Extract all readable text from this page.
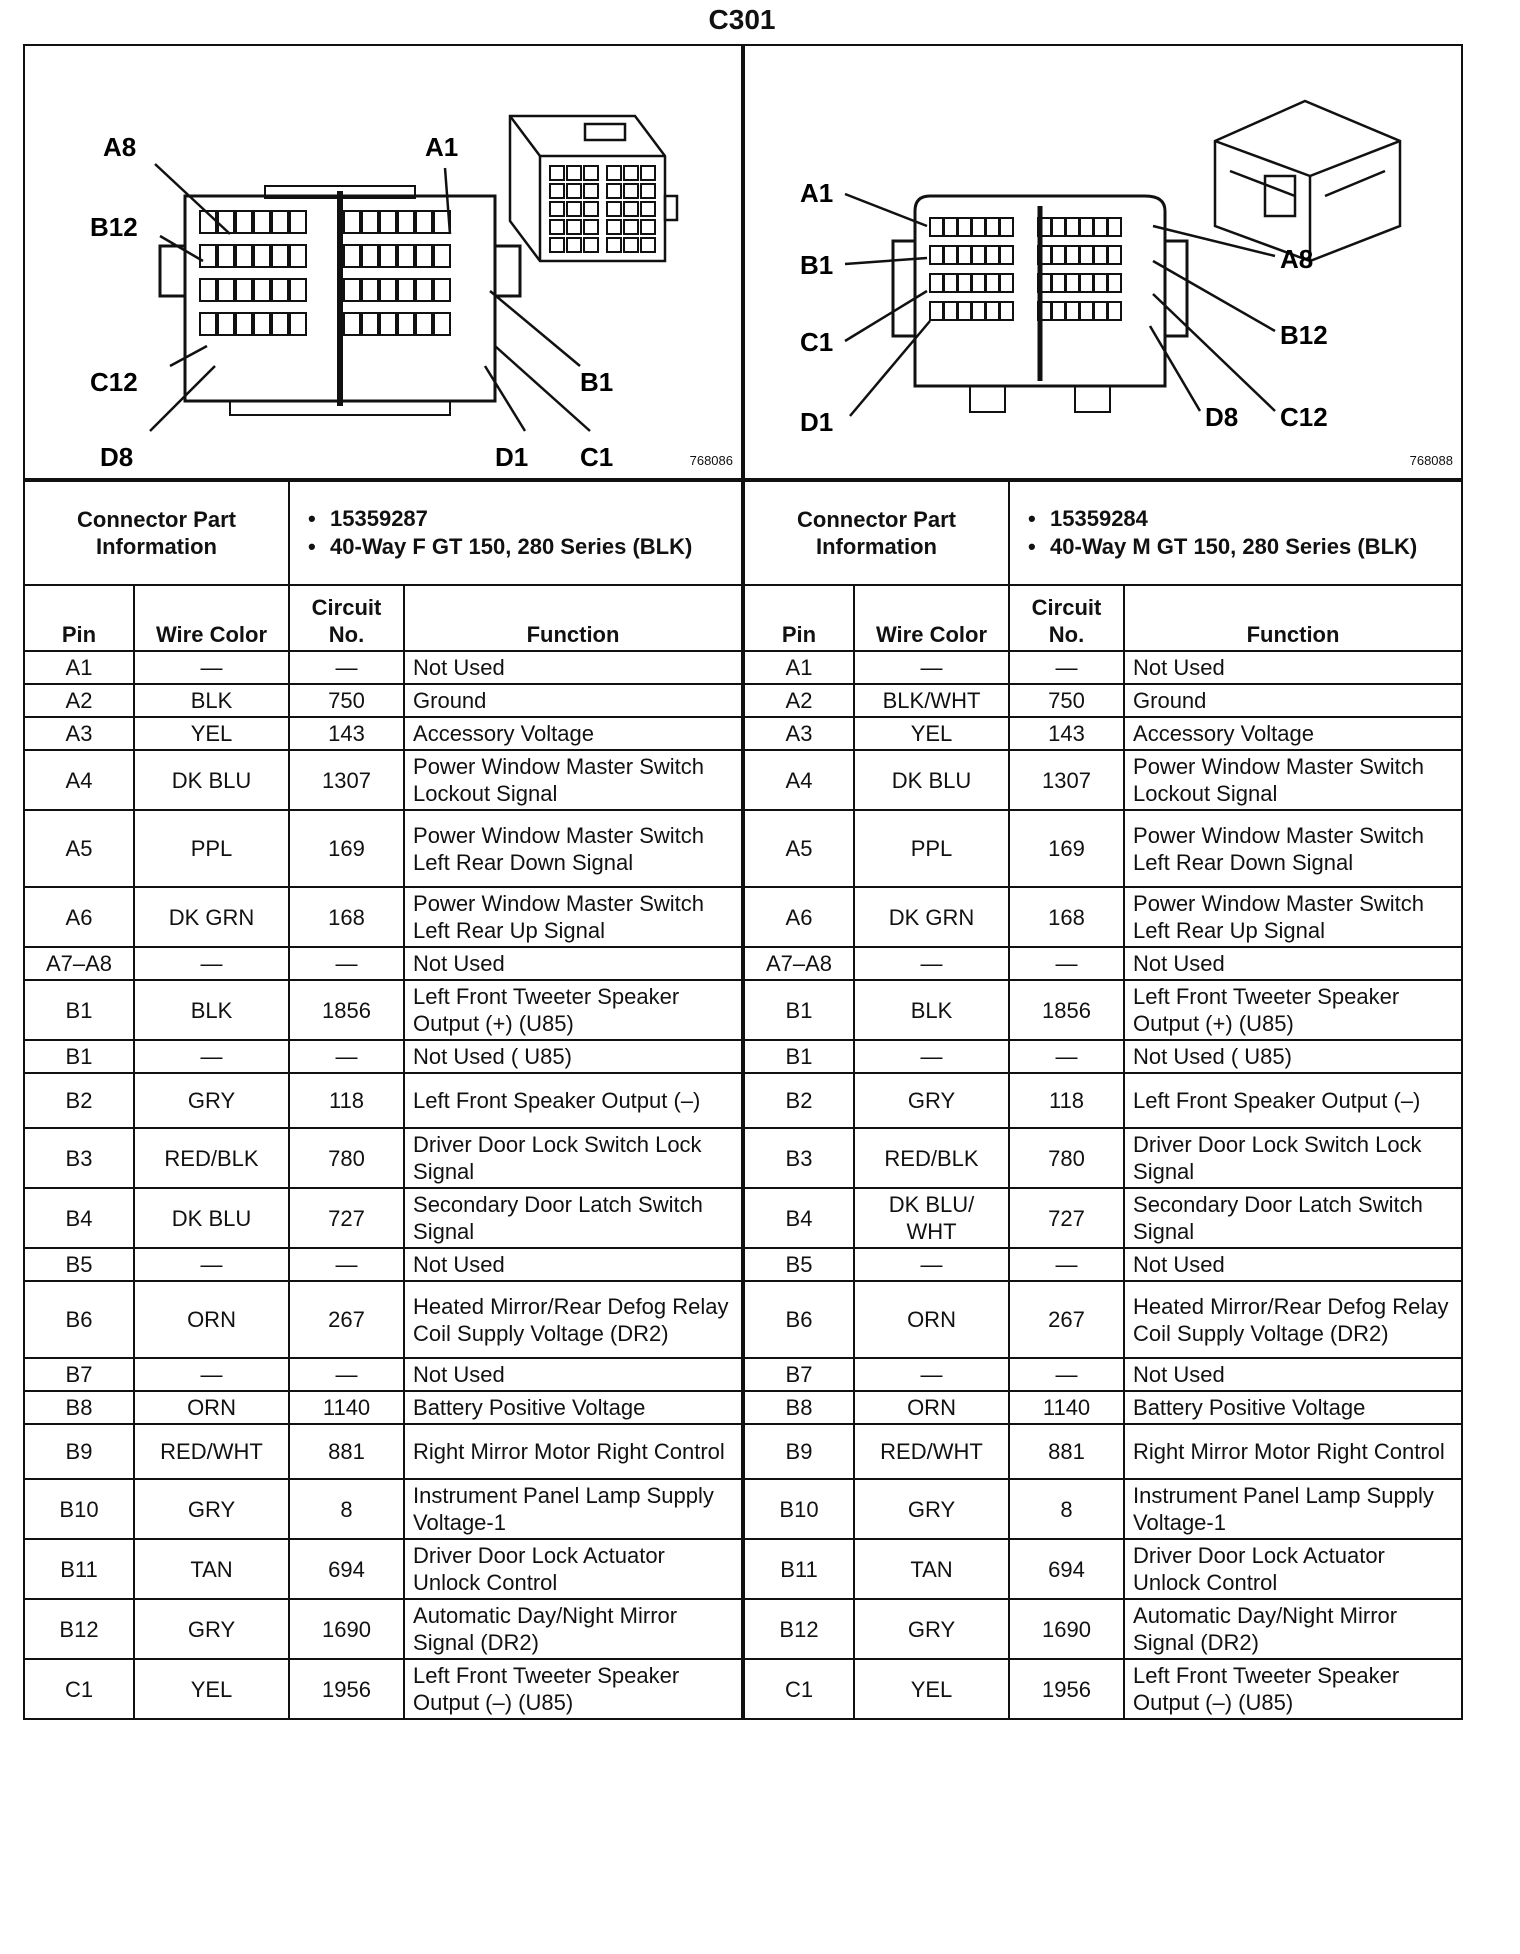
C301
A8	A1
B12
B1
C12
C1
D8	D1	768086
Connector Part Information		• 15359287
• 40-Way F GT 150, 280 Series (BLK)

Pin	Wire Color	Circuit No.	Function
A1	—	—	Not Used
A2	BLK	750	Ground
A3	YEL	143	Accessory Voltage
A4	DK BLU	1307	Power Window Master Switch Lockout Signal
A5	PPL	169	Power Window Master Switch Left Rear Down Signal
A6	DK GRN	168	Power Window Master Switch Left Rear Up Signal
A7–A8	—	—	Not Used
B1	BLK	1856	Left Front Tweeter Speaker Output (+) (U85)
B1	—	—	Not Used ( U85)
B2	GRY	118	Left Front Speaker Output (–)
B3	RED/BLK	780	Driver Door Lock Switch Lock Signal
B4	DK BLU	727	Secondary Door Latch Switch Signal
B5	—	—	Not Used
B6	ORN	267	Heated Mirror/Rear Defog Relay Coil Supply Voltage (DR2)
B7	—	—	Not Used
B8	ORN	1140	Battery Positive Voltage
B9	RED/WHT	881	Right Mirror Motor Right Control
B10	GRY	8	Instrument Panel Lamp Supply Voltage-1
B11	TAN	694	Driver Door Lock Actuator Unlock Control
B12	GRY	1690	Automatic Day/Night Mirror Signal (DR2)
C1	YEL	1956	Left Front Tweeter Speaker Output (–) (U85)
A1
A8
B1
B12
C1
C12
D1	D8
768088
Connector Part Information		• 15359284
• 40-Way M GT 150, 280 Series (BLK)

Pin	Wire Color	Circuit No.	Function
A1	—	—	Not Used
A2	BLK/WHT	750	Ground
A3	YEL	143	Accessory Voltage
A4	DK BLU	1307	Power Window Master Switch Lockout Signal
A5	PPL	169	Power Window Master Switch Left Rear Down Signal
A6	DK GRN	168	Power Window Master Switch Left Rear Up Signal
A7–A8	—	—	Not Used
B1	BLK	1856	Left Front Tweeter Speaker Output (+) (U85)
B1	—	—	Not Used ( U85)
B2	GRY	118	Left Front Speaker Output (–)
B3	RED/BLK	780	Driver Door Lock Switch Lock Signal
B4	DK BLU/ WHT	727	Secondary Door Latch Switch Signal
B5	—	—	Not Used
B6	ORN	267	Heated Mirror/Rear Defog Relay Coil Supply Voltage (DR2)
B7	—	—	Not Used
B8	ORN	1140	Battery Positive Voltage
B9	RED/WHT	881	Right Mirror Motor Right Control
B10	GRY	8	Instrument Panel Lamp Supply Voltage-1
B11	TAN	694	Driver Door Lock Actuator Unlock Control
B12	GRY	1690	Automatic Day/Night Mirror Signal (DR2)
C1	YEL	1956	Left Front Tweeter Speaker Output (–) (U85)
